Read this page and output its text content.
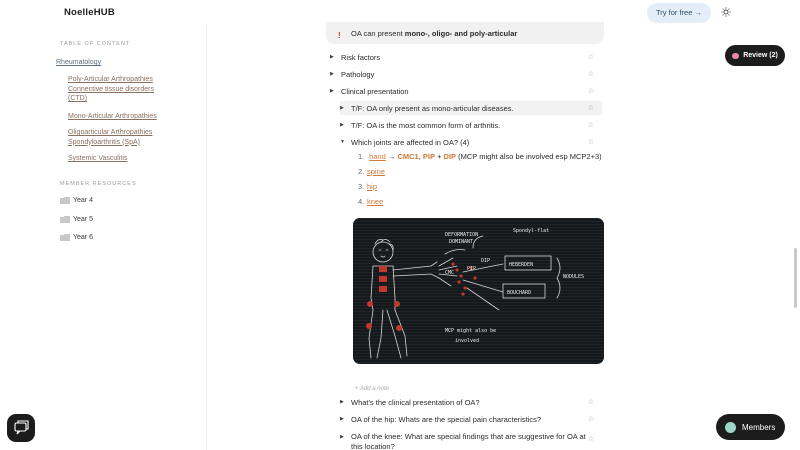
NoelleHUB	Try for free →
TABLE OF CONTENT
Rheumatology
Poly-Articular Arthropathies
Connective tissue disorders
(CTD)
Mono-Articular Arthropathies
Oligoarticular Arthropathies
Spondyloarthritis (SpA)
Systemic Vasculitis
MEMBER RESOURCES
Year 4
Year 5
Year 6
! OA can present mono-, oligo- and poly-articular
▶ Risk factors	☆
▶ Pathology	☆
▶ Clinical presentation	☆
▶ T/F: OA only present as mono-articular diseases.	☆
▶ T/F: OA is the most common form of arthritis.	☆
▼ Which joints are affected in OA? (4)	☆
1. hand → CMC1, PIP + DIP (MCP might also be involved esp MCP2+3)
2. spine
3. hip
4. knee
DEFORMATION
DOMINANT
Spondyl-flat
DIP
PIP
CMC
HEBERDEN
BOUCHARD
NODULES
MCP might also be
involved
+ Add a note
▶ What's the clinical presentation of OA?	☆
▶ OA of the hip: Whats are the special pain characteristics?	☆
▶ OA of the knee: What are special findings that are suggestive for OA at
this location?
☆
Review (2)
Members
